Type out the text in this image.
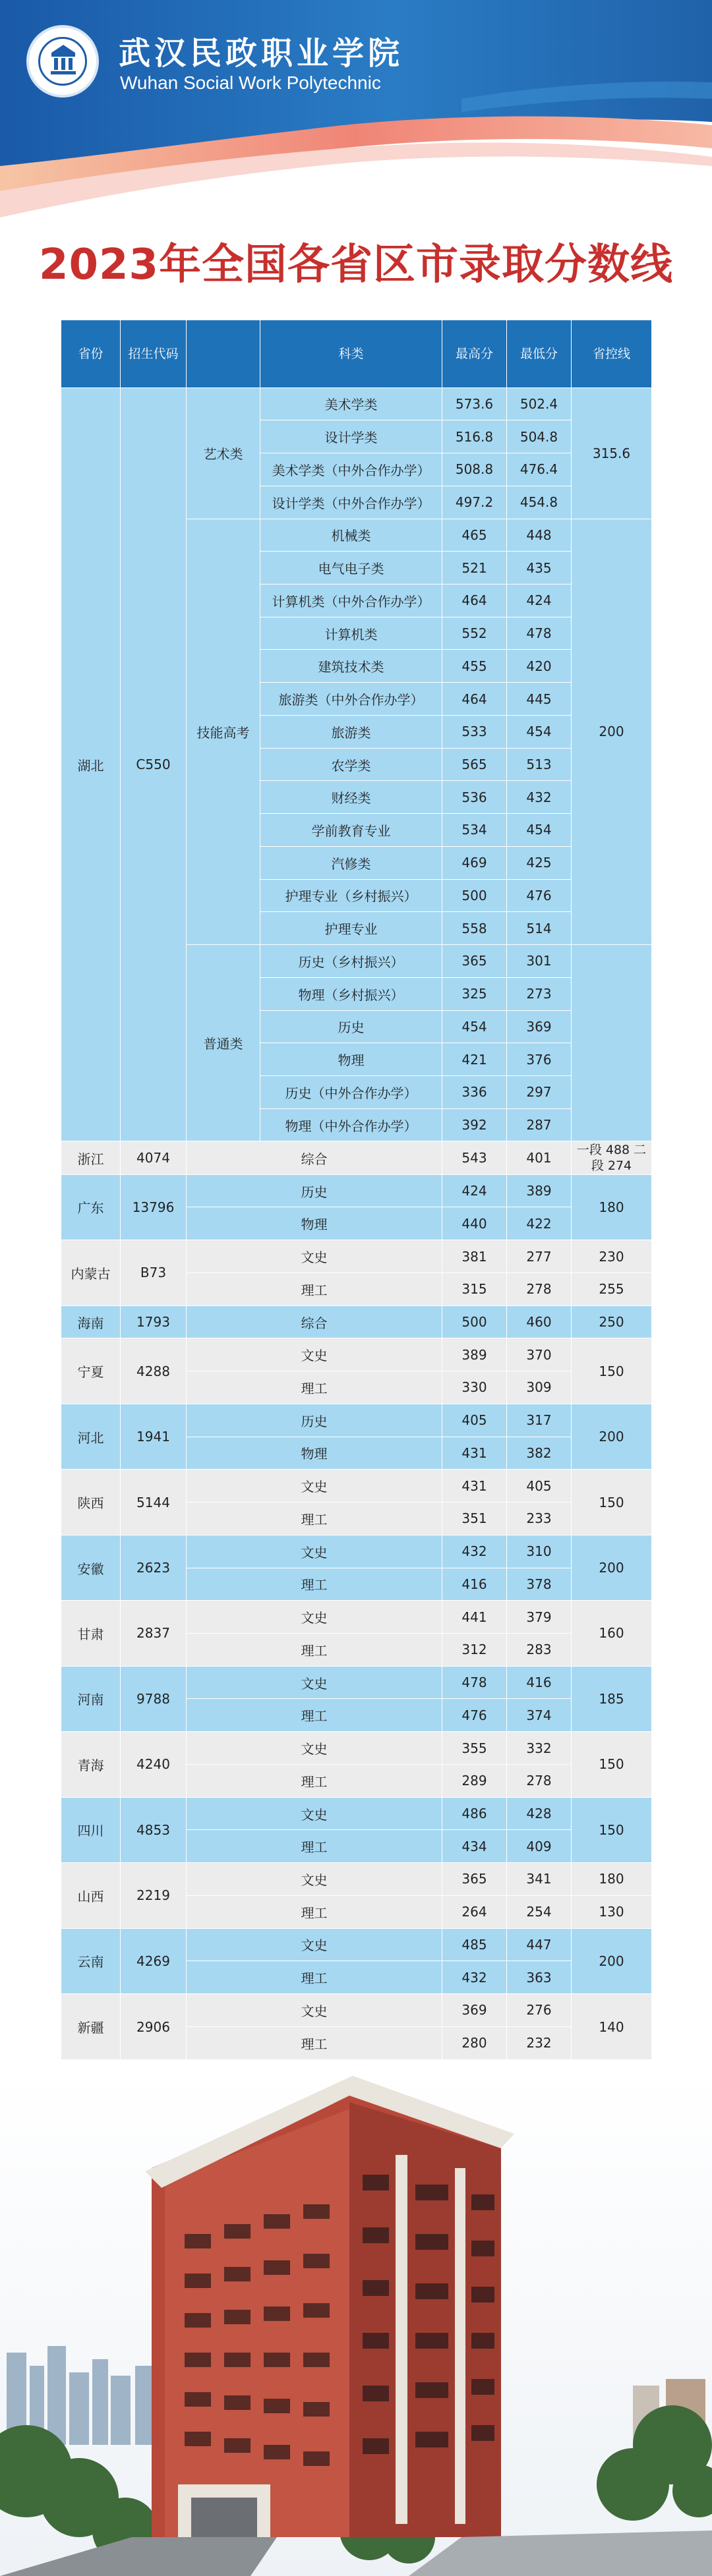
武汉民政职业学院
Wuhan Social Work Polytechnic
2023年全国各省区市录取分数线
省份	招生代码		科类	最高分	最低分	省控线
湖北	C550	艺术类	美术学类	573.6	502.4	315.6
			设计学类	516.8	504.8	
			美术学类（中外合作办学）	508.8	476.4	
			设计学类（中外合作办学）	497.2	454.8	
		技能高考	机械类	465	448	200
			电气电子类	521	435	
			计算机类（中外合作办学）	464	424	
			计算机类	552	478	
			建筑技术类	455	420	
			旅游类（中外合作办学）	464	445	
			旅游类	533	454	
			农学类	565	513	
			财经类	536	432	
			学前教育专业	534	454	
			汽修类	469	425	
			护理专业（乡村振兴）	500	476	
			护理专业	558	514	
		普通类	历史（乡村振兴）	365	301	
			物理（乡村振兴）	325	273	
			历史	454	369	
			物理	421	376	
			历史（中外合作办学）	336	297	
			物理（中外合作办学）	392	287	
浙江	4074	综合		543	401	一段 488 二段 274
广东	13796	历史		424	389	180
		物理		440	422	
内蒙古	B73	文史		381	277	230
		理工		315	278	255
海南	1793	综合		500	460	250
宁夏	4288	文史		389	370	150
		理工		330	309	
河北	1941	历史		405	317	200
		物理		431	382	
陕西	5144	文史		431	405	150
		理工		351	233	
安徽	2623	文史		432	310	200
		理工		416	378	
甘肃	2837	文史		441	379	160
		理工		312	283	
河南	9788	文史		478	416	185
		理工		476	374	
青海	4240	文史		355	332	150
		理工		289	278	
四川	4853	文史		486	428	150
		理工		434	409	
山西	2219	文史		365	341	180
		理工		264	254	130
云南	4269	文史		485	447	200
		理工		432	363	
新疆	2906	文史		369	276	140
		理工		280	232	
